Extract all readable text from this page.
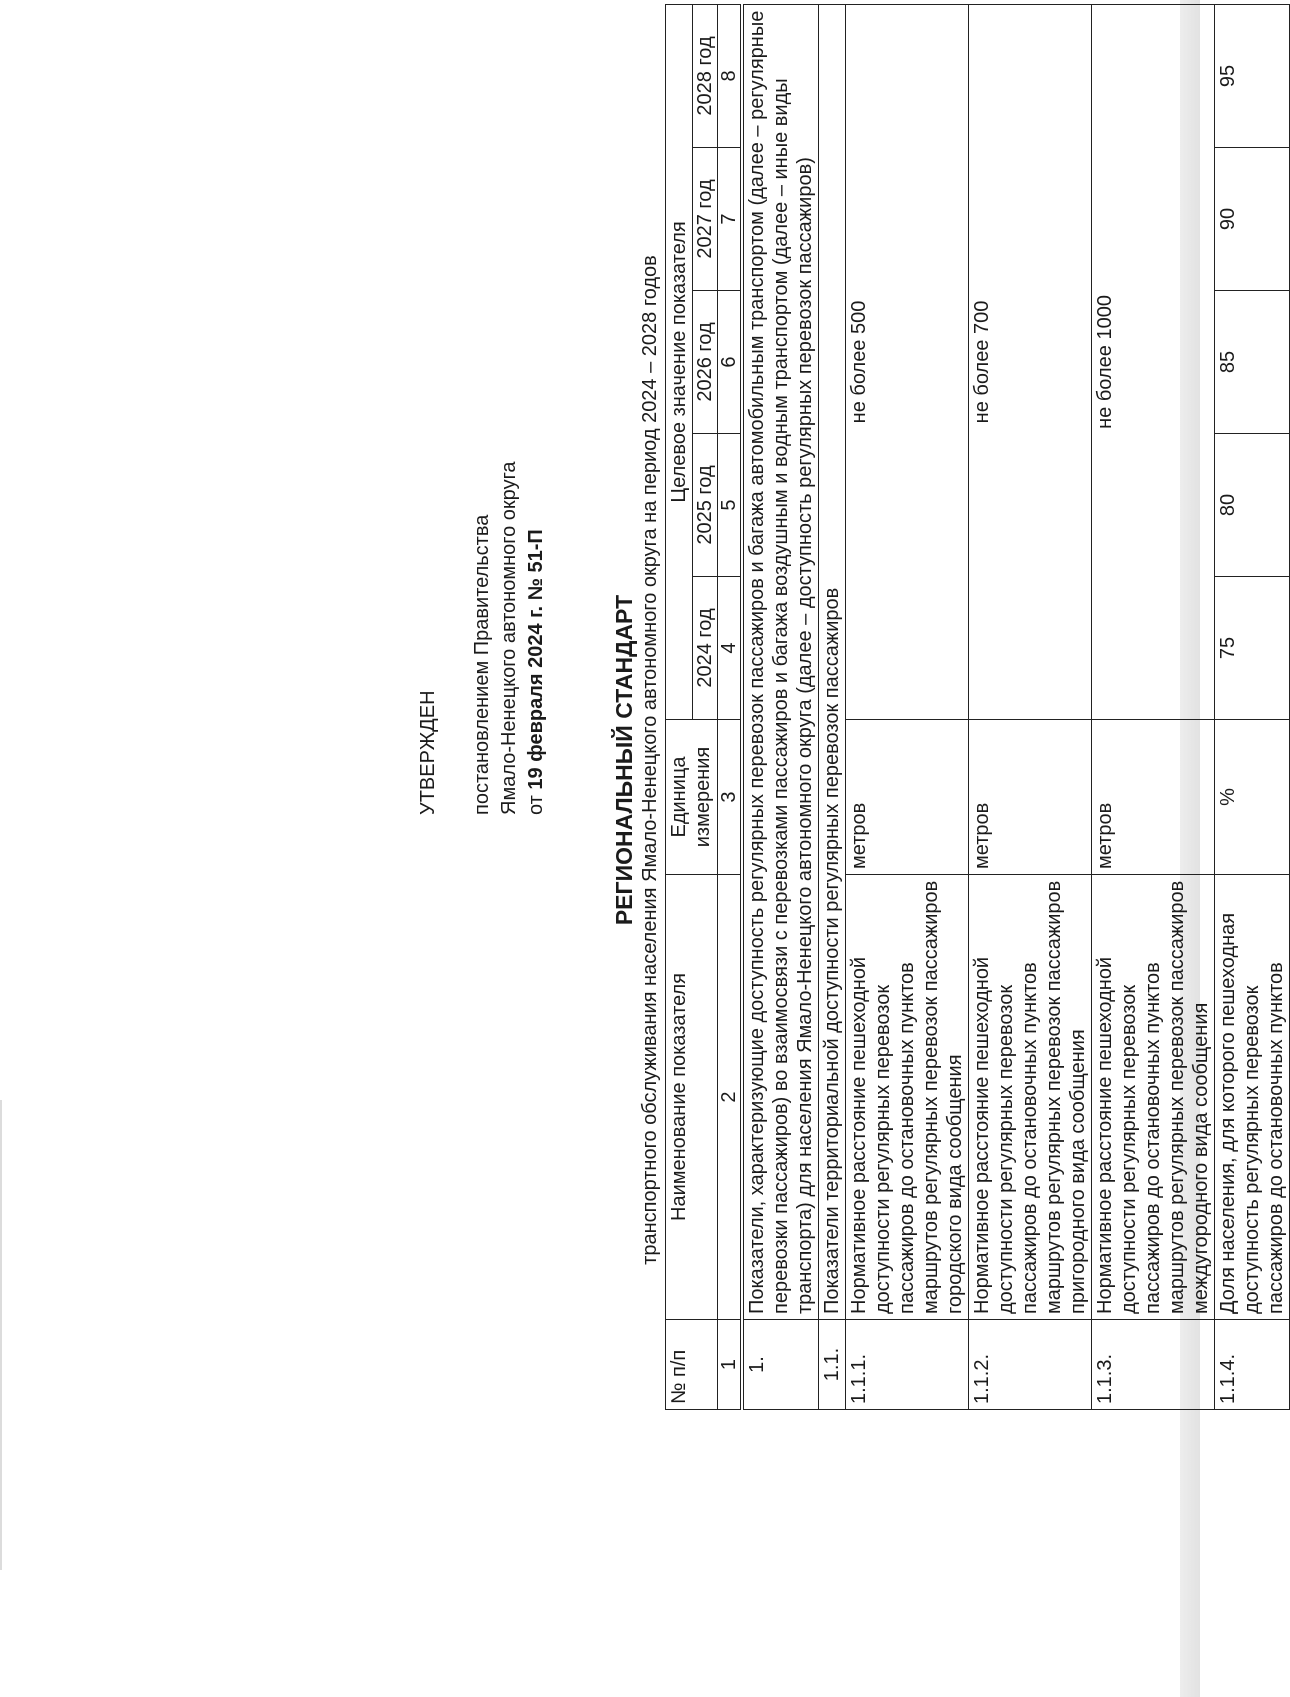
УТВЕРЖДЕН постановлением Правительства Ямало-Ненецкого автономного округа от 19 февраля 2024 г. № 51-П	РЕГИОНАЛЬНЫЙ СТАНДАРТ транспортного обслуживания населения Ямало-Ненецкого автономного округа на период 2024 – 2028 годов
№ п/п	Наименование показателя	Единица измерения	Целевое значение показателя				
			2024 год	2025 год	2026 год	2027 год	2028 год
1	2	3	4	5	6	7	8
1.	Показатели, характеризующие доступность регулярных перевозок пассажиров и багажа автомобильным транспортом (далее – регулярные перевозки пассажиров) во взаимосвязи с перевозками пассажиров и багажа воздушным и водным транспортом (далее – иные виды транспорта) для населения Ямало-Ненецкого автономного округа (далее – доступность регулярных перевозок пассажиров)						
1.1.	Показатели территориальной доступности регулярных перевозок пассажиров						
1.1.1.	Нормативное расстояние пешеходной доступности регулярных перевозок пассажиров до остановочных пунктов маршрутов регулярных перевозок пассажиров городского вида сообщения	метров	не более 500				
1.1.2.	Нормативное расстояние пешеходной доступности регулярных перевозок пассажиров до остановочных пунктов маршрутов регулярных перевозок пассажиров пригородного вида сообщения	метров	не более 700				
1.1.3.	Нормативное расстояние пешеходной доступности регулярных перевозок пассажиров до остановочных пунктов маршрутов регулярных перевозок пассажиров междугородного вида сообщения	метров	не более 1000				
1.1.4.	Доля населения, для которого пешеходная доступность регулярных перевозок пассажиров до остановочных пунктов	%	75	80	85	90	95
